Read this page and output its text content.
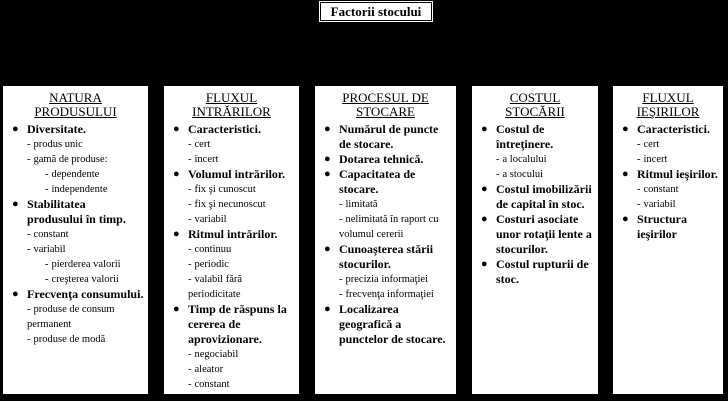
Factorii stocului
NATURA
PRODUSULUI
● Diversitate.
- produs unic
- gamă de produse:
- dependente
- independente
● Stabilitatea produsului în timp.
- constant
- variabil
- pierderea valorii
- creşterea valorii
● Frecvenţa consumului.
- produse de consum permanent
- produse de modă
FLUXUL
INTRĂRILOR
● Caracteristici.
- cert
- incert
● Volumul intrărilor.
- fix şi cunoscut
- fix şi necunoscut
- variabil
● Ritmul intrărilor.
- continuu
- periodic
- valabil fără periodicitate
● Timp de răspuns la cererea de aprovizionare.
- negociabil
- aleator
- constant
PROCESUL DE
STOCARE
● Numărul de puncte de stocare.
● Dotarea tehnică.
● Capacitatea de stocare.
- limitată
- nelimitată în raport cu volumul cererii
● Cunoaşterea stării stocurilor.
- precizia informaţiei
- frecvenţa informaţiei
● Localizarea geografică a punctelor de stocare.
COSTUL
STOCĂRII
● Costul de întreţinere.
- a localului
- a stocului
● Costul imobilizării de capital în stoc.
● Costuri asociate unor rotaţii lente a stocurilor.
● Costul rupturii de stoc.
FLUXUL
IEŞIRILOR
● Caracteristici.
- cert
- incert
● Ritmul ieşirilor.
- constant
- variabil
● Structura ieşirilor
